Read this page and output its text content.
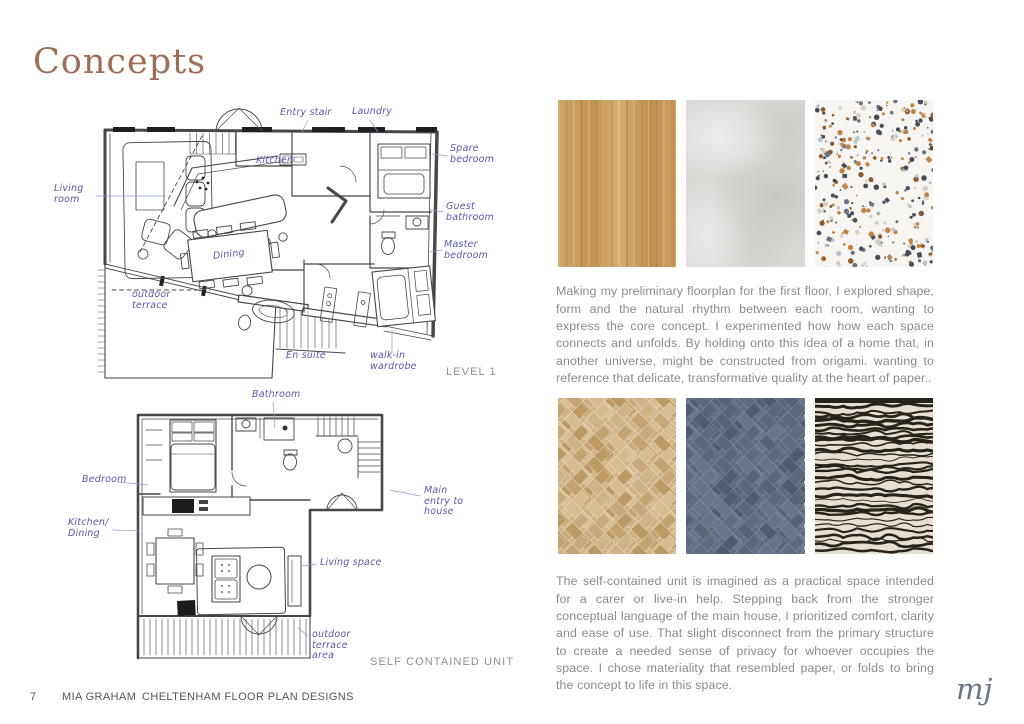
Concepts
Entry stair Laundry
Spare bedroom
Guest bathroom
Master bedroom
Living room
Kitchen
Dining
outdoor terrace
En suite	walk-in wardrobe	LEVEL 1
Bathroom
Bedroom
Kitchen/ Dining
Main entry to house
Living space
outdoor terrace area
SELF CONTAINED UNIT

Making my preliminary floorplan for the first floor, I explored shape, form and the natural rhythm between each room, wanting to express the core concept. I experimented how how each space connects and unfolds. By holding onto this idea of a home that, in another universe, might be constructed from origami. wanting to reference that delicate, transformative quality at the heart of paper..

The self-contained unit is imagined as a practical space intended for a carer or live-in help. Stepping back from the stronger conceptual language of the main house, I prioritized comfort, clarity and ease of use. That slight disconnect from the primary structure to create a needed sense of privacy for whoever occupies the space. I chose materiality that resembled paper, or folds to bring the concept to life in this space.

7 MIA GRAHAM CHELTENHAM FLOOR PLAN DESIGNS	mj
